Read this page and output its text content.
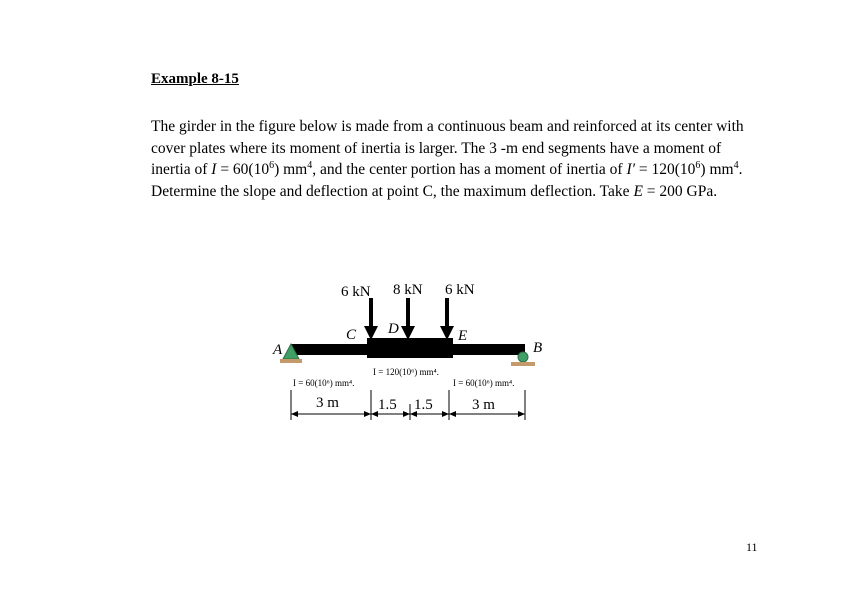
Example 8-15

The girder in the figure below is made from a continuous beam and reinforced at its center with cover plates where its moment of inertia is larger. The 3 -m end segments have a moment of inertia of $I = 60(10^6)$ $mm^4$, and the center portion has a moment of inertia of $I' = 120(10^6)$ $mm^4$. Determine the slope and deflection at point C, the maximum deflection. Take E = 200 GPa.

6 kN 8 kN 6 kN
A
C D	E
B
I = 60(10⁶) mm⁴.
I = 120(10⁶) mm⁴.
I = 60(10⁶) mm⁴.
3 m	1.5 1.5	3 m
11
